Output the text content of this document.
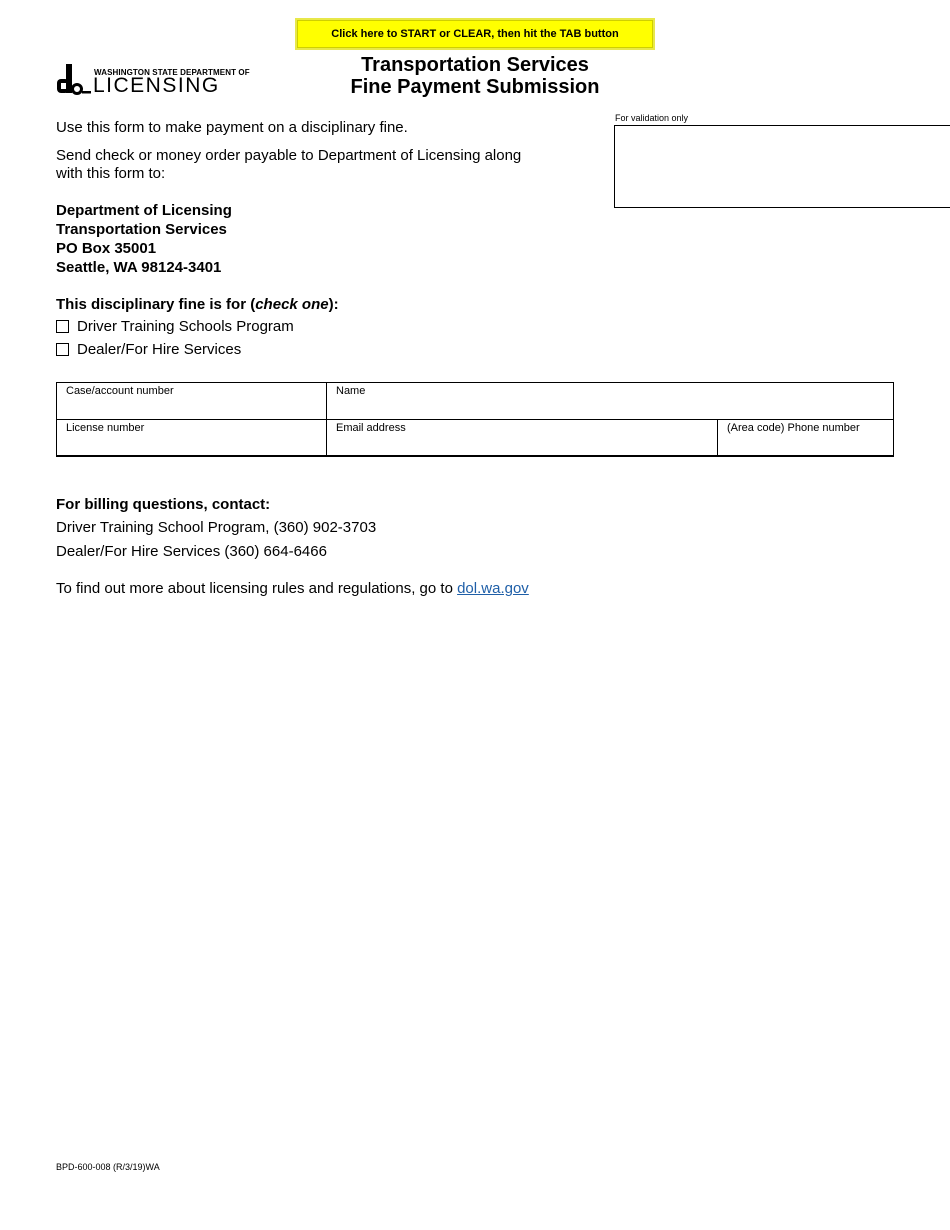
Click here to START or CLEAR, then hit the TAB button
WASHINGTON STATE DEPARTMENT OF
LICENSING
Transportation Services
Fine Payment Submission
For validation only
Use this form to make payment on a disciplinary fine.
Send check or money order payable to Department of Licensing along
with this form to:
Department of Licensing
Transportation Services
PO Box 35001
Seattle, WA 98124-3401
This disciplinary fine is for (check one):
Driver Training Schools Program
Dealer/For Hire Services
Case/account number	Name
License number	Email address	(Area code) Phone number
For billing questions, contact:
Driver Training School Program, (360) 902-3703
Dealer/For Hire Services (360) 664-6466
To find out more about licensing rules and regulations, go to dol.wa.gov
BPD-600-008 (R/3/19)WA
